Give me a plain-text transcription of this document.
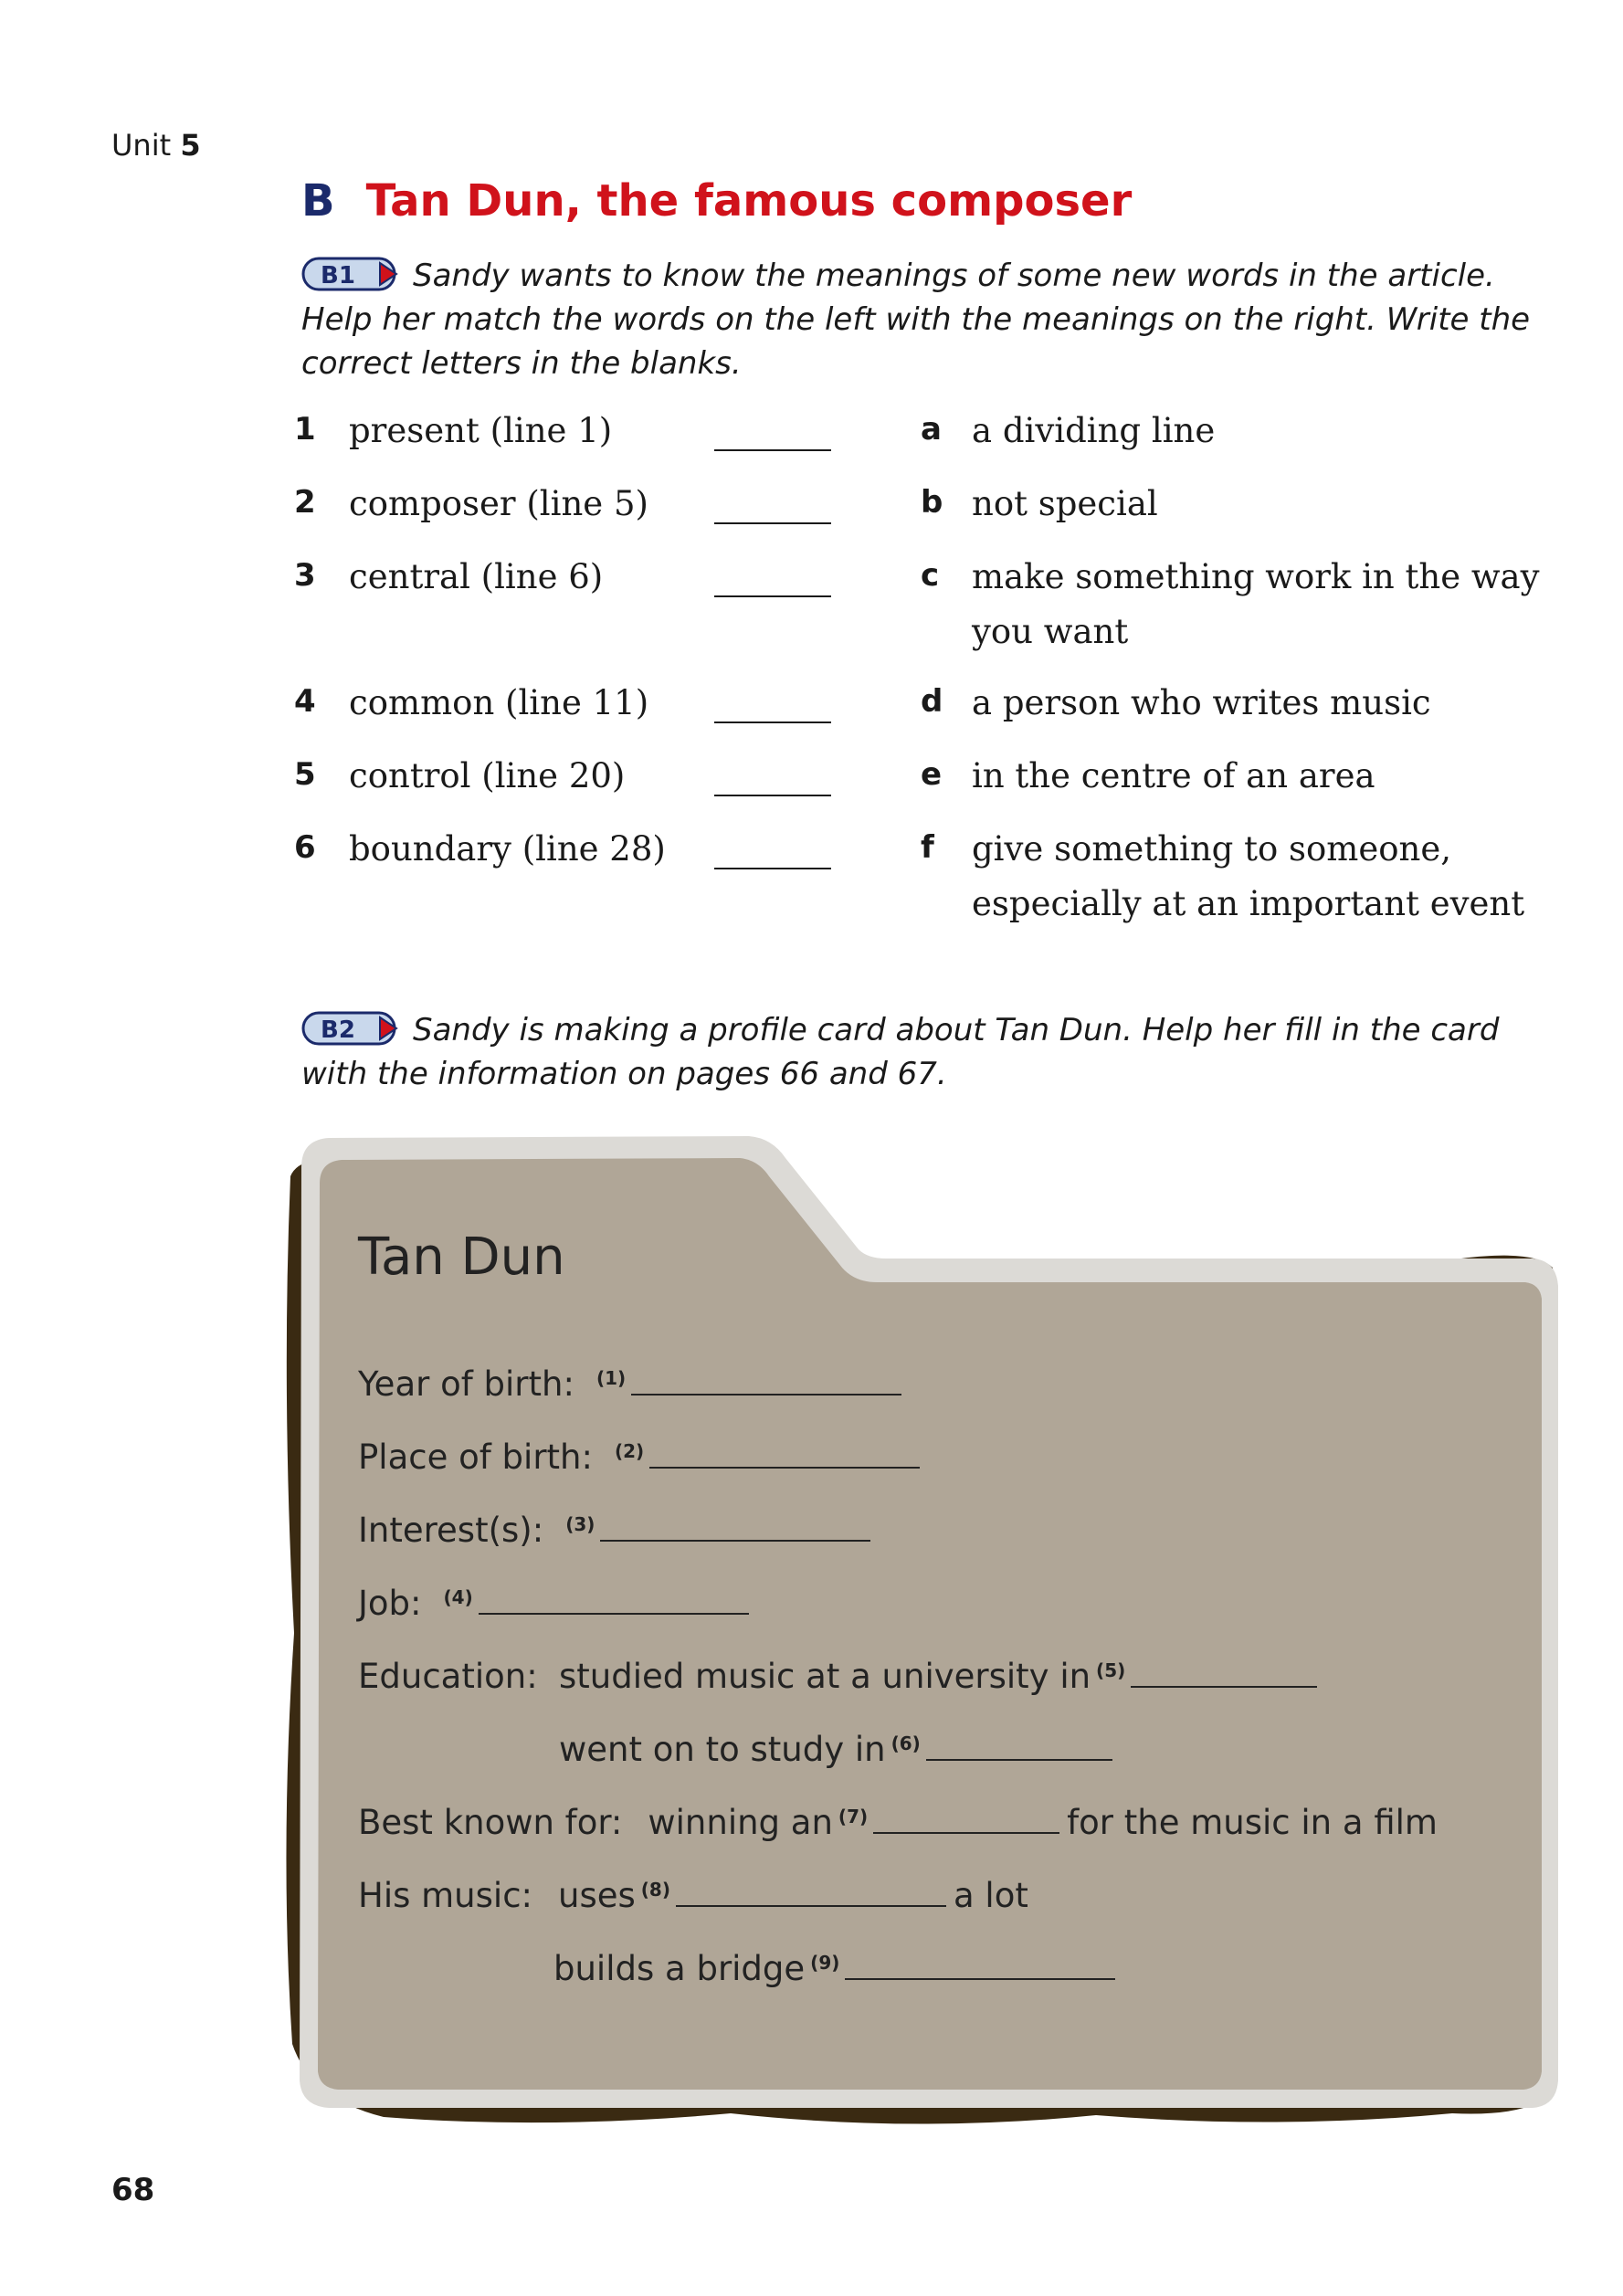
Unit 5
B Tan Dun, the famous composer
B1 Sandy wants to know the meanings of some new words in the article. Help her match the words on the left with the meanings on the right. Write the correct letters in the blanks.
1 present (line 1)	a a dividing line
2 composer (line 5)	b not special
3 central (line 6)	c make something work in the way you want
4 common (line 11)	d a person who writes music
5 control (line 20)	e in the centre of an area
6 boundary (line 28)	f give something to someone, especially at an important event
B2 Sandy is making a profile card about Tan Dun. Help her fill in the card with the information on pages 66 and 67.
Tan Dun
Year of birth: $^{(1)}$
Place of birth: $^{(2)}$
Interest(s): $^{(3)}$
Job: $^{(4)}$
Education: studied music at a university in $^{(5)}$
went on to study in $^{(6)}$
Best known for: winning an $^{(7)}$	for the music in a film
His music: uses $^{(8)}$	a lot
builds a bridge $^{(9)}$
68
